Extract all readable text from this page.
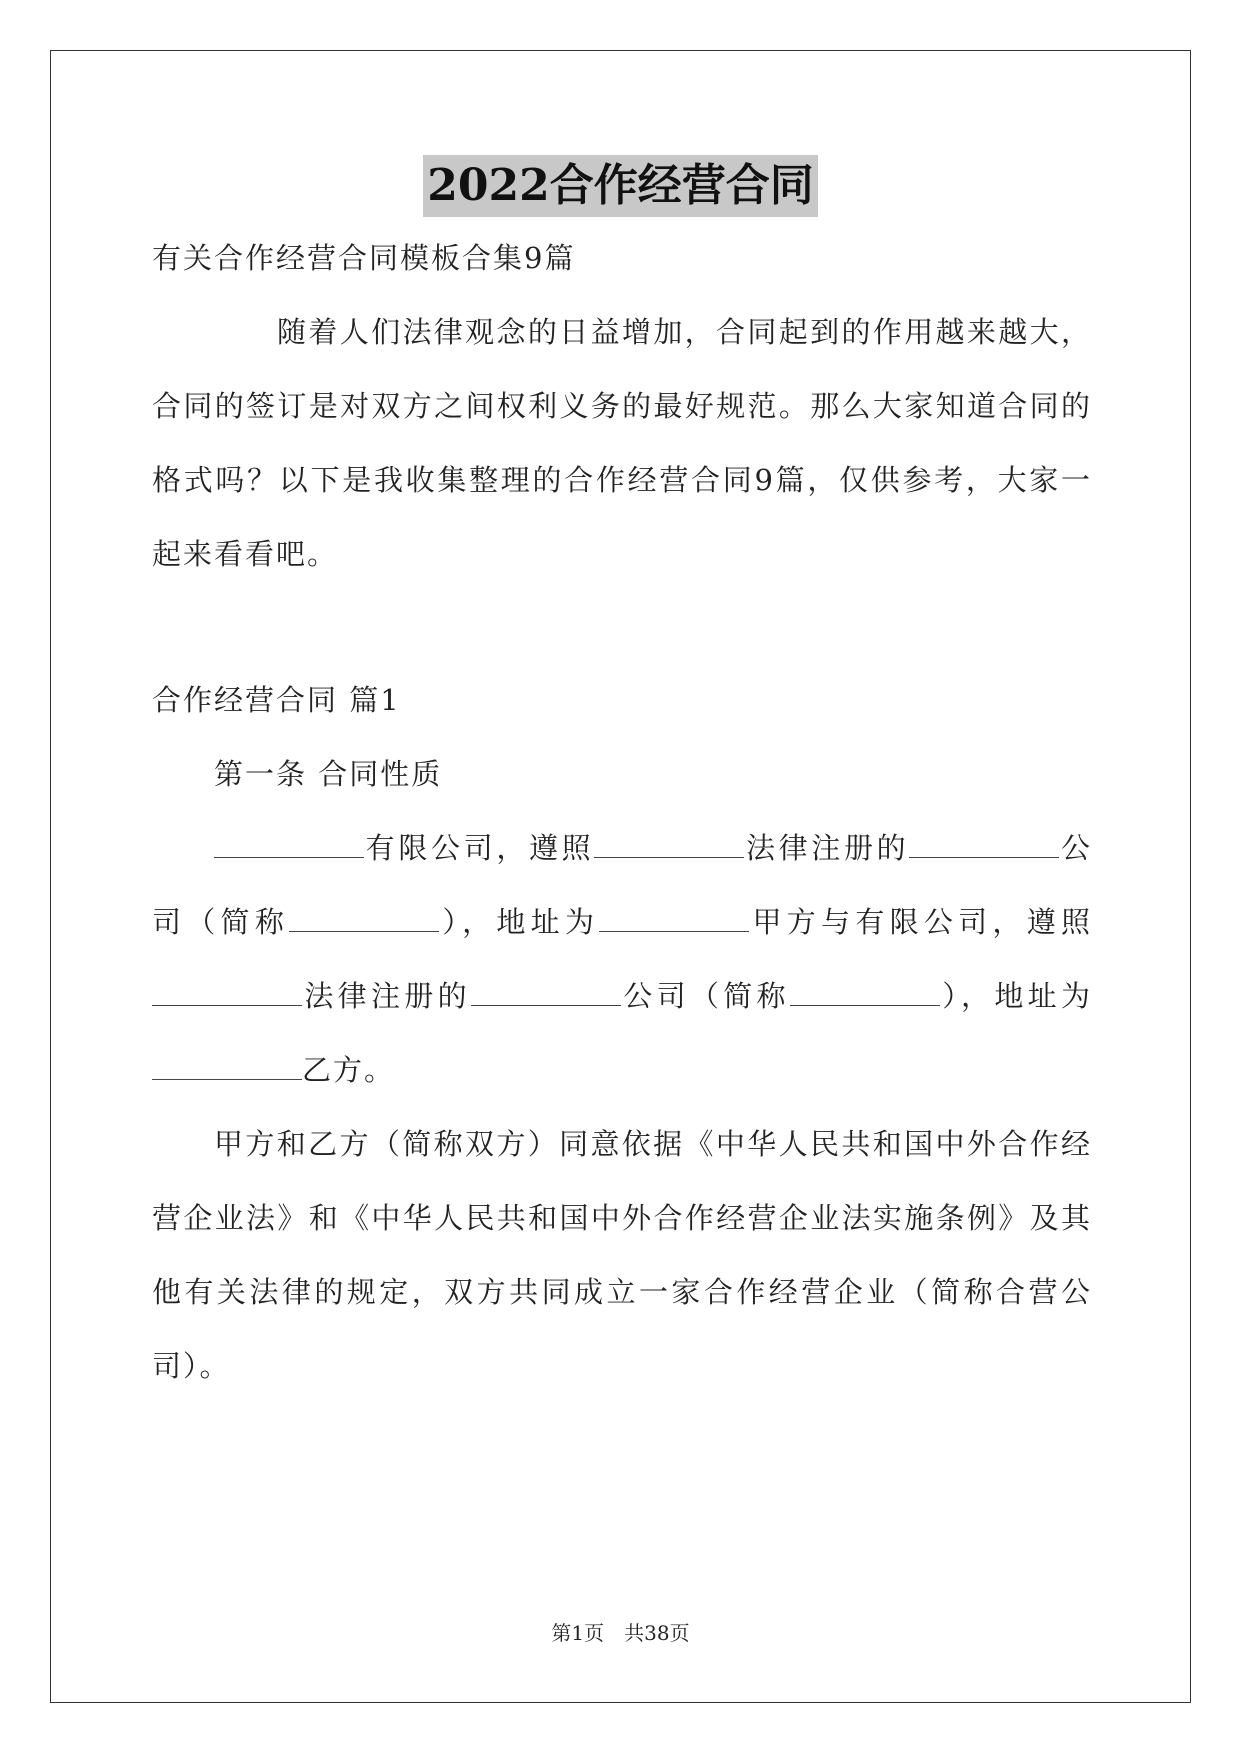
2022合作经营合同
有关合作经营合同模板合集9篇
随着人们法律观念的日益增加，合同起到的作用越来越大，
合同的签订是对双方之间权利义务的最好规范。那么大家知道合同的
格式吗？以下是我收集整理的合作经营合同9篇，仅供参考，大家一
起来看看吧。
合作经营合同 篇1
第一条 合同性质
有限公司，遵照	法律注册的	公
司（简称	），地址为	甲方与有限公司，遵照
法律注册的	公司（简称	），地址为
乙方。
甲方和乙方（简称双方）同意依据《中华人民共和国中外合作经
营企业法》和《中华人民共和国中外合作经营企业法实施条例》及其
他有关法律的规定，双方共同成立一家合作经营企业（简称合营公
司）。
第1页　共38页
